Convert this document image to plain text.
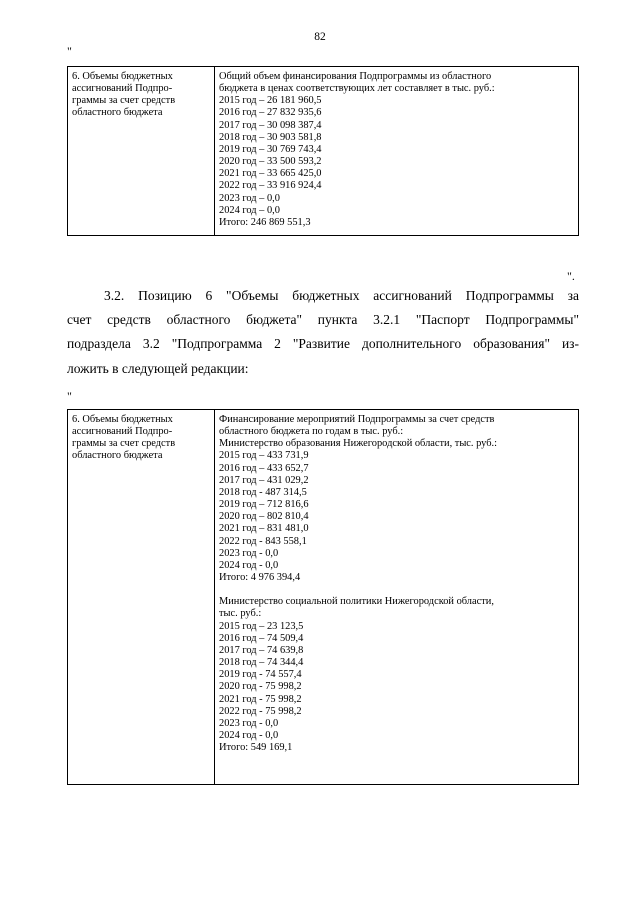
82
"
6. Объемы бюджетных
ассигнований Подпро-
граммы за счет средств
областного бюджета

Общий объем финансирования Подпрограммы из областного
бюджета в ценах соответствующих лет составляет в тыс. руб.:
2015 год – 26 181 960,5
2016 год – 27 832 935,6
2017 год – 30 098 387,4
2018 год – 30 903 581,8
2019 год – 30 769 743,4
2020 год – 33 500 593,2
2021 год – 33 665 425,0
2022 год – 33 916 924,4
2023 год – 0,0
2024 год – 0,0
Итого: 246 869 551,3
".
3.2. Позицию 6 "Объемы бюджетных ассигнований Подпрограммы за
счет средств областного бюджета" пункта 3.2.1 "Паспорт Подпрограммы"
подраздела 3.2 "Подпрограмма 2 "Развитие дополнительного образования" из-
ложить в следующей редакции:
"
6. Объемы бюджетных
ассигнований Подпро-
граммы за счет средств
областного бюджета

Финансирование мероприятий Подпрограммы за счет средств
областного бюджета по годам в тыс. руб.:
Министерство образования Нижегородской области, тыс. руб.:
2015 год – 433 731,9
2016 год – 433 652,7
2017 год – 431 029,2
2018 год - 487 314,5
2019 год – 712 816,6
2020 год – 802 810,4
2021 год – 831 481,0
2022 год - 843 558,1
2023 год - 0,0
2024 год - 0,0
Итого: 4 976 394,4
Министерство социальной политики Нижегородской области,
тыс. руб.:
2015 год – 23 123,5
2016 год – 74 509,4
2017 год – 74 639,8
2018 год – 74 344,4
2019 год - 74 557,4
2020 год - 75 998,2
2021 год - 75 998,2
2022 год - 75 998,2
2023 год - 0,0
2024 год - 0,0
Итого: 549 169,1
